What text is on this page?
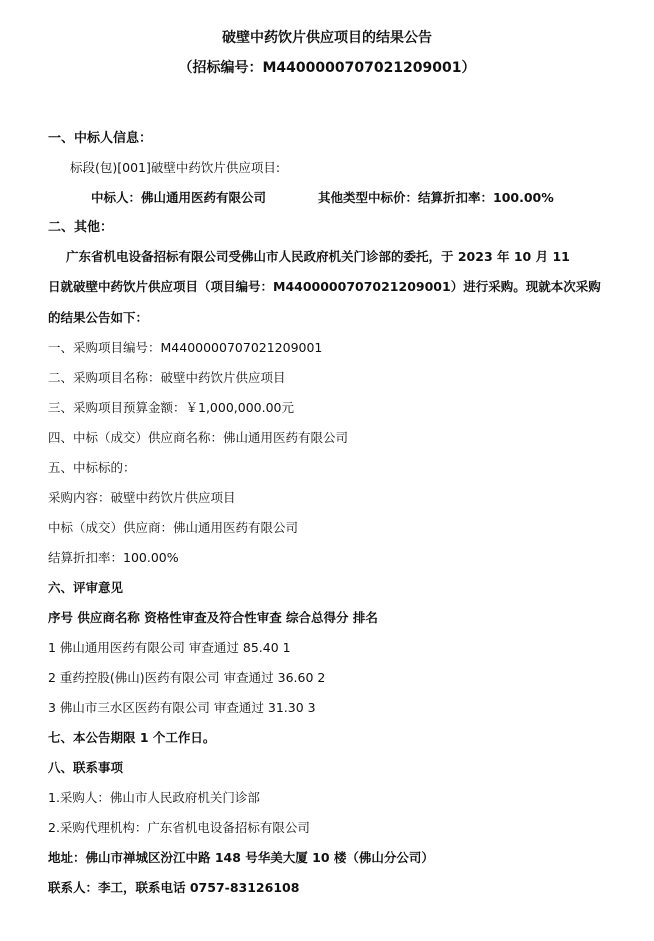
破壁中药饮片供应项目的结果公告
（招标编号：M4400000707021209001）
一、中标人信息：
标段(包)[001]破壁中药饮片供应项目:
中标人：佛山通用医药有限公司	其他类型中标价：结算折扣率：100.00%
二、其他：
广东省机电设备招标有限公司受佛山市人民政府机关门诊部的委托，于 2023 年 10 月 11
日就破壁中药饮片供应项目（项目编号：M4400000707021209001）进行采购。现就本次采购
的结果公告如下：
一、采购项目编号：M4400000707021209001
二、采购项目名称：破壁中药饮片供应项目
三、采购项目预算金额：￥1,000,000.00元
四、中标（成交）供应商名称：佛山通用医药有限公司
五、中标标的：
采购内容：破壁中药饮片供应项目
中标（成交）供应商：佛山通用医药有限公司
结算折扣率：100.00%
六、评审意见
序号 供应商名称 资格性审查及符合性审查 综合总得分 排名
1 佛山通用医药有限公司 审查通过 85.40 1
2 重药控股(佛山)医药有限公司 审查通过 36.60 2
3 佛山市三水区医药有限公司 审查通过 31.30 3
七、本公告期限 1 个工作日。
八、联系事项
1.采购人：佛山市人民政府机关门诊部
2.采购代理机构：广东省机电设备招标有限公司
地址：佛山市禅城区汾江中路 148 号华美大厦 10 楼（佛山分公司）
联系人：李工，联系电话 0757-83126108
